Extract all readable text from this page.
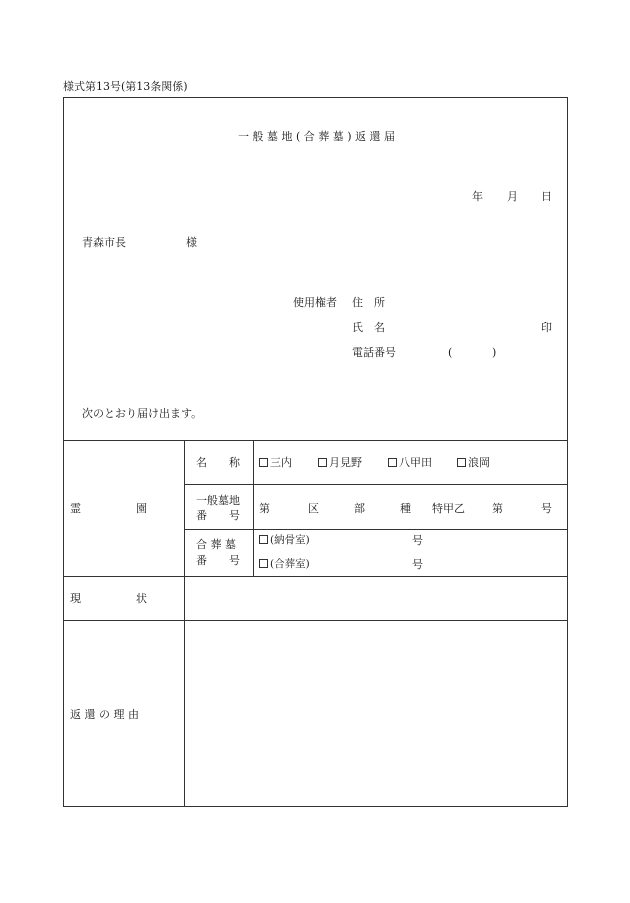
様式第13号(第13条関係)
一 般 墓 地 ( 合 葬 墓 ) 返 還 届
年 月 日
青森市長	様
使用権者 住　所
氏　名	印
電話番号	(	)
次のとおり届け出ます。
霊　　　　　園
名　　称	三内	月見野	八甲田	浪岡
一般墓地
番　　号
第	区	部	種 特甲乙 第	号
合 葬 墓
番　　号
(納骨室)	号
(合葬室)	号
現　　　　　状
返 還 の 理 由
